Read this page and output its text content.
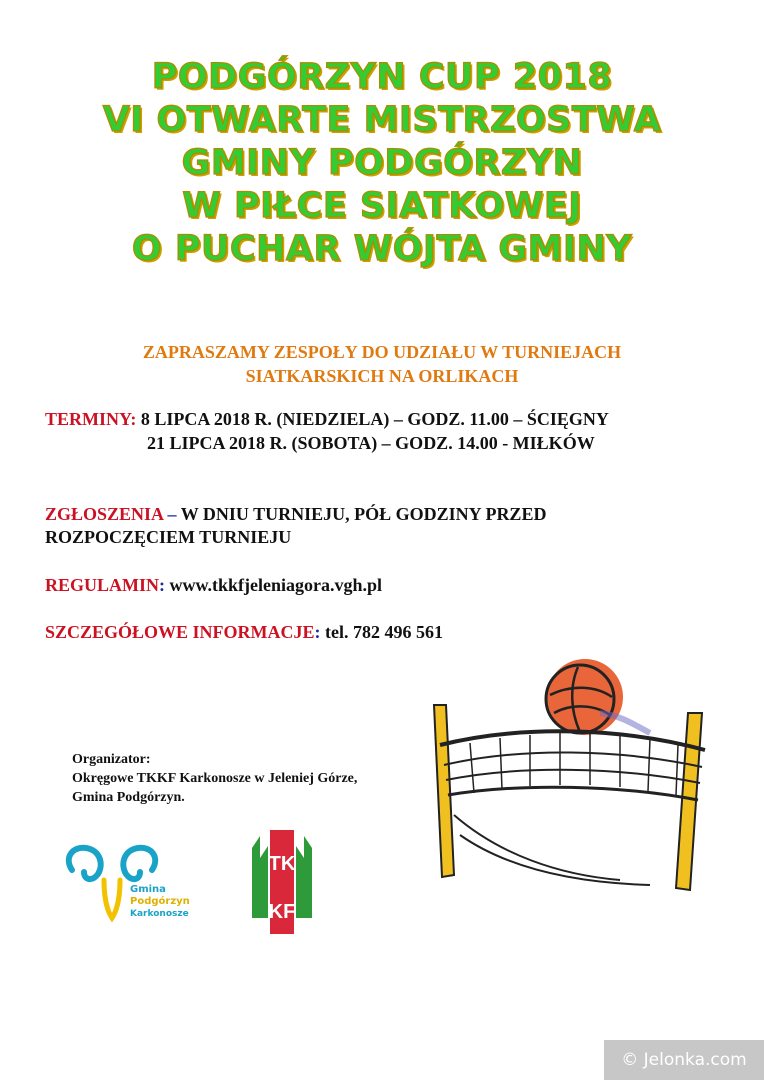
PODGÓRZYN CUP 2018
VI OTWARTE MISTRZOSTWA
GMINY PODGÓRZYN
W PIŁCE SIATKOWEJ
O PUCHAR WÓJTA GMINY
ZAPRASZAMY ZESPOŁY DO UDZIAŁU W TURNIEJACH
SIATKARSKICH NA ORLIKACH
TERMINY: 8 LIPCA 2018 R. (NIEDZIELA) – GODZ. 11.00 – ŚCIĘGNY
21 LIPCA 2018 R. (SOBOTA) – GODZ. 14.00 - MIŁKÓW
ZGŁOSZENIA – W DNIU TURNIEJU, PÓŁ GODZINY PRZED
ROZPOCZĘCIEM TURNIEJU
REGULAMIN: www.tkkfjeleniagora.vgh.pl
SZCZEGÓŁOWE INFORMACJE: tel. 782 496 561
Organizator:
Okręgowe TKKF Karkonosze w Jeleniej Górze,
Gmina Podgórzyn.
Gmina
Podgórzyn
Karkonosze
TK
KF
© Jelonka.com
